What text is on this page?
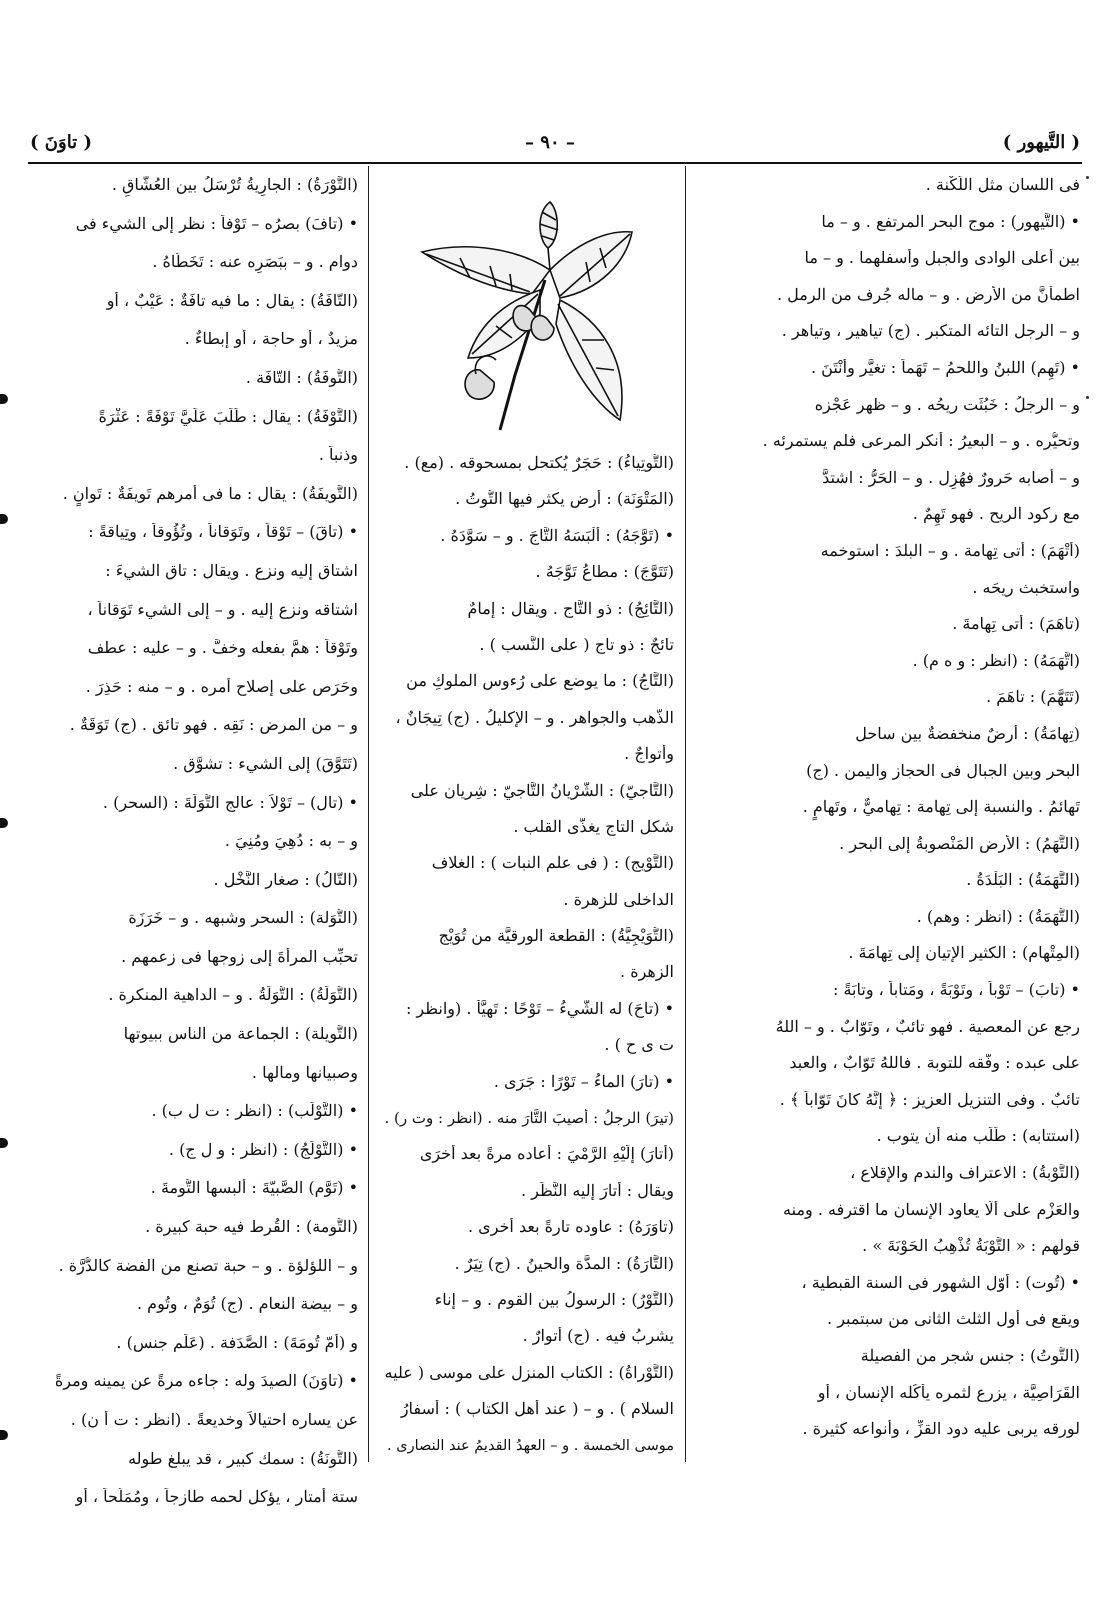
( التَّيهور )
– ٩٠ –
( تاوَنَ )
فى اللسان مثل اللُّكْنة .
• (التَّيهور) : موج البحر المرتفع . و – ما
بين أعلى الوادى والجبل وأسفلهما . و – ما
اطمأنَّ من الأرض . و – ماله جُرف من الرمل .
و – الرجل التائه المتكبر . (ج) تياهير ، وتياهر .
• (تَهِم) اللبنُ واللحمُ – تَهَماً : تغيَّر وأنْتَنَ .
و – الرجلُ : خَبُثَت ريحُه . و – ظهر عَجْزه
وتحيُّره . و – البعيرُ : أنكر المرعى فلم يستمرئه .
و – أصابه حَرورٌ فهُزِل . و – الحَرُّ : اشتدَّ
مع ركود الريح . فهو تَهِمٌ .
(أتْهَمَ) : أتى تِهامة . و – البلدَ : استوخمه
واستخبث ريحَه .
(تاهَمَ) : أتى تِهامةَ .
(اتَّهَمَهُ) : (انظر : و ه م) .
(تَتَهَّمَ) : تاهَمَ .
(تِهامَةُ) : أرضٌ منخفضةٌ بين ساحل
البحر وبين الجبال فى الحجاز واليمن . (ج)
تَهائمُ . والنسبة إلى تِهامة : تِهاميٌّ ، وتَهامٍ .
(التَّهَمُ) : الأرض المَنْصوبةُ إلى البحر .
(التَّهَمَةُ) : البَلْدَةُ .
(التُّهَمَةُ) : (انظر : وهم) .
(المِتْهام) : الكثير الإتيان إلى تِهامَةَ .
• (تابَ) – تَوْباً ، وتَوْبَةً ، ومَتاباً ، وتابَةً :
رجع عن المعصية . فهو تائبٌ ، وتَوّابٌ . و – اللهُ
على عبده : وفَّقه للتوبة . فاللهُ تَوّابٌ ، والعبد
تائبٌ . وفى التنزيل العزيز : ﴿ إنَّهُ كانَ تَوّاباً ﴾ .
(استتابه) : طَلَب منه أن يتوب .
(التَّوْبةُ) : الاعتراف والندم والإقلاع ،
والعَزْم على ألّا يعاود الإنسان ما اقترفه . ومنه
قولهم : « التَّوْبَةُ تُذْهِبُ الحَوْبَةَ » .
• (تُوت) : أوّل الشهور فى السنة القبطية ،
ويقع فى أول الثلث الثانى من سبتمبر .
(التُّوتُ) : جنس شجر من الفصيلة
القَرَاصِيَّة ، يزرع لثمره يأكُله الإنسان ، أو
لورقه يربى عليه دود القزِّ ، وأنواعه كثيرة .
(التُّوتِياءُ) : حَجَرٌ يُكتحل بمسحوقه . (مع) .
(المَتْوَنَة) : أرض يكثر فيها التُّوتُ .
• (تَوَّجَهُ) : ألْبَسَهُ التَّاجَ . و – سَوَّدَهُ .
(تَتَوَّجَ) : مطاعُ تَوَّجَهُ .
(التَّائِجُ) : ذو التَّاج . ويقال : إمامٌ
تائجٌ : ذو تاج ( على النَّسب ) .
(التَّاجُ) : ما يوضع على رُءوس الملوكِ من
الذَّهب والجواهر . و – الإكليلُ . (ج) تِيجَانٌ ،
وأتواجٌ .
(التَّاجيّ) : الشُّرْيانُ التَّاجيّ : شِريان على
شكل التاج يغذّى القلب .
(التَّوْيج) : ( فى علم النبات ) : الغلاف
الداخلى للزهرة .
(التُّوَيْجِيَّةُ) : القطعة الورقيَّة من تُوَيْج
الزهرة .
• (تاحَ) له الشَّيءُ – تَوْحًا : تَهيَّأ . (وانظر :
ت ى ح ) .
• (تارَ) الماءُ – تَوْرًا : جَرَى .
(تيرَ) الرجلُ : أُصيبَ التَّارَ منه . (انظر : وت ر) .
(أتارَ) إلَيْهِ الرَّمْيَ : أعاده مرةً بعد أخرَى
ويقال : أتارَ إليه النَّظَر .
(تاوَرَهُ) : عاوده تارةً بعد أخرى .
(التَّارَةُ) : المدَّة والحينُ . (ج) تِيَرٌ .
(التَّوْرُ) : الرسولُ بين القوم . و – إناء
يشربُ فيه . (ج) أتوارٌ .
(التَّوْراةُ) : الكتاب المنزل على موسى ( عليه
السلام ) . و – ( عند أهل الكتاب ) : أسفارُ
موسى الخمسة . و – العهدُ القديمُ عند النصارى .
(التَّوْرَةُ) : الجارِيةُ تُرْسَلُ بين العُشّاقِ .
• (تافَ) بصرُه – تَوْفاً : نظر إلى الشيء فى
دوام . و – ببَصَرِه عنه : تَخَطّاهُ .
(التّافَةُ) : يقال : ما فيه تافَةٌ : عَيْبٌ ، أو
مزيدٌ ، أو حاجة ، أو إبطاءٌ .
(التُّوفَةُ) : التّافَة .
(التَّوْفَةُ) : يقال : طَلَبَ عَلَيَّ تَوْفَةً : عَثْرَةً
وذنباً .
(التَّويفَةُ) : يقال : ما فى أمرهم تَويفَةٌ : تَوانٍ .
• (تاقَ) – تَوْقاً ، وتَوَقاناً ، وتُؤُوقاً ، وتِياقةً :
اشتاق إليه ونزع . ويقال : تاق الشيءَ :
اشتاقه ونزع إليه . و – إلى الشيء تَوَقاناً ،
وتَوْقاً : همَّ بفعله وخفَّ . و – عليه : عطف
وحَرَص على إصلاح أمره . و – منه : حَذِرَ .
و – من المرض : نَقِه . فهو تائق . (ج) تَوَقَةٌ .
(تَتَوَّقَ) إلى الشيء : تشوَّق .
• (تال) – تَوْلاً : عالج التُّوَلَةَ : (السحر) .
و – به : دُهِيَ ومُنِيَ .
(التّالُ) : صغار النَّخْل .
(التُّوَلة) : السحر وشبهه . و – خَرَزَة
تحبِّب المرأةَ إلى زوجها فى زعمهم .
(التُّوَلَةُ) : التُّوَلَةُ . و – الداهية المنكرة .
(التَّويلة) : الجماعة من الناس ببيوتها
وصبيانها ومالها .
• (التَّوْلَب) : (انظر : ت ل ب) .
• (التَّوْلَجُ) : (انظر : و ل ج) .
• (تَوَّم) الصَّبيّةَ : ألبسها التُّومةَ .
(التُّومة) : القُرط فيه حبة كبيرة .
و – اللؤلؤة . و – حبة تصنع من الفضة كالدُّرَّة .
و – بيضة النعام . (ج) تُوَمٌ ، وتُوم .
و (أمّ تُومَةَ) : الصَّدَفة . (عَلَم جنس) .
• (تاوَنَ) الصيدَ وله : جاءه مرةً عن يمينه ومرةً
عن يساره احتيالاً وخديعةً . (انظر : ت أ ن) .
(التُّونَةُ) : سمك كبير ، قد يبلغ طوله
ستة أمتار ، يؤكل لحمه طازجاً ، ومُمَلَّحاً ، أو
